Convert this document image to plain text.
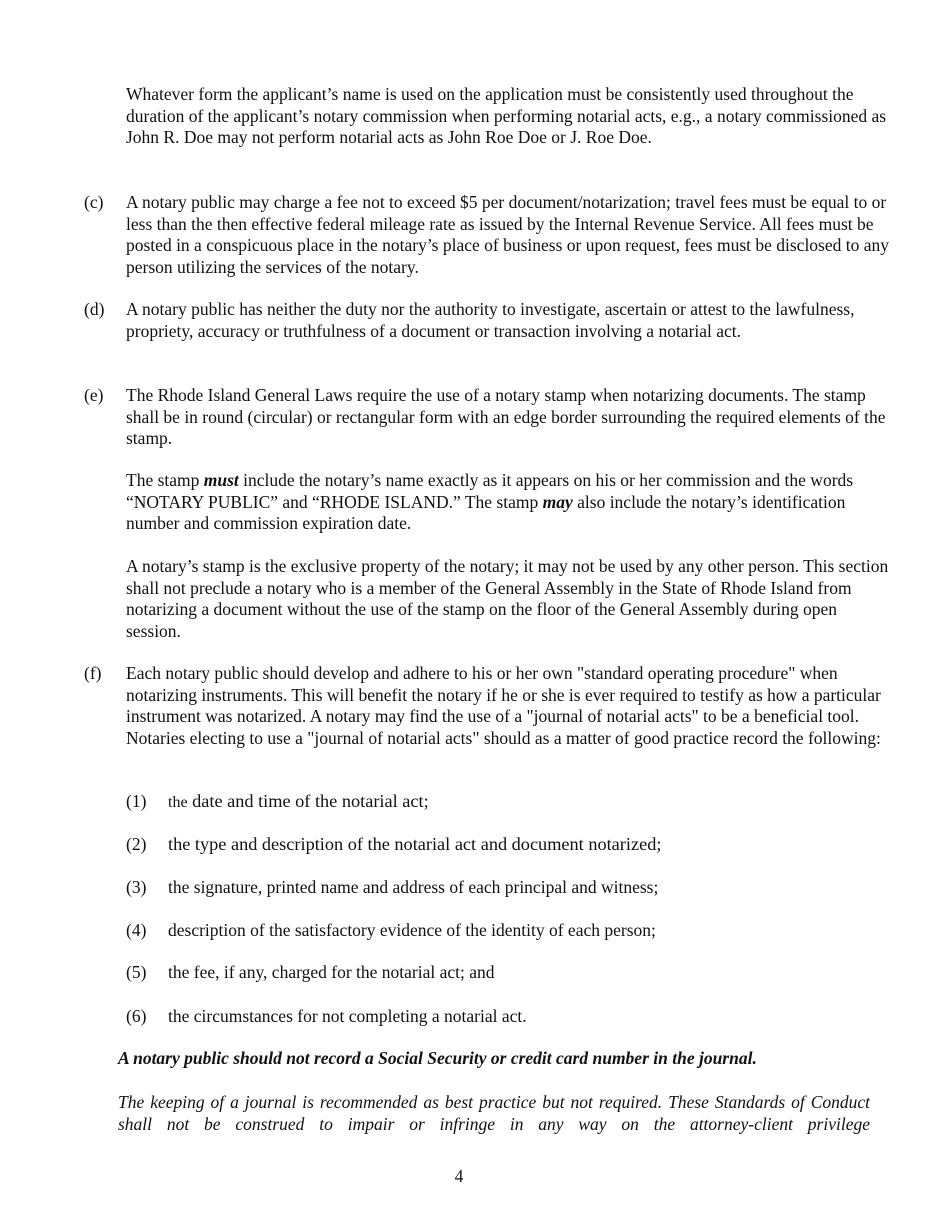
Whatever form the applicant’s name is used on the application must be consistently used throughout the duration of the applicant’s notary commission when performing notarial acts, e.g., a notary commissioned as John R. Doe may not perform notarial acts as John Roe Doe or J. Roe Doe.

(c) A notary public may charge a fee not to exceed $5 per document/notarization; travel fees must be equal to or less than the then effective federal mileage rate as issued by the Internal Revenue Service. All fees must be posted in a conspicuous place in the notary’s place of business or upon request, fees must be disclosed to any person utilizing the services of the notary.

(d) A notary public has neither the duty nor the authority to investigate, ascertain or attest to the lawfulness, propriety, accuracy or truthfulness of a document or transaction involving a notarial act.

(e) The Rhode Island General Laws require the use of a notary stamp when notarizing documents. The stamp shall be in round (circular) or rectangular form with an edge border surrounding the required elements of the stamp.

The stamp must include the notary’s name exactly as it appears on his or her commission and the words “NOTARY PUBLIC” and “RHODE ISLAND.” The stamp may also include the notary’s identification number and commission expiration date.

A notary’s stamp is the exclusive property of the notary; it may not be used by any other person. This section shall not preclude a notary who is a member of the General Assembly in the State of Rhode Island from notarizing a document without the use of the stamp on the floor of the General Assembly during open session.

(f) Each notary public should develop and adhere to his or her own "standard operating procedure" when notarizing instruments. This will benefit the notary if he or she is ever required to testify as how a particular instrument was notarized. A notary may find the use of a "journal of notarial acts" to be a beneficial tool. Notaries electing to use a "journal of notarial acts" should as a matter of good practice record the following:

(1) the date and time of the notarial act;

(2) the type and description of the notarial act and document notarized;

(3) the signature, printed name and address of each principal and witness;

(4) description of the satisfactory evidence of the identity of each person;

(5) the fee, if any, charged for the notarial act; and

(6) the circumstances for not completing a notarial act.

A notary public should not record a Social Security or credit card number in the journal.

The keeping of a journal is recommended as best practice but not required. These Standards of Conduct shall not be construed to impair or infringe in any way on the attorney-client privilege

4
